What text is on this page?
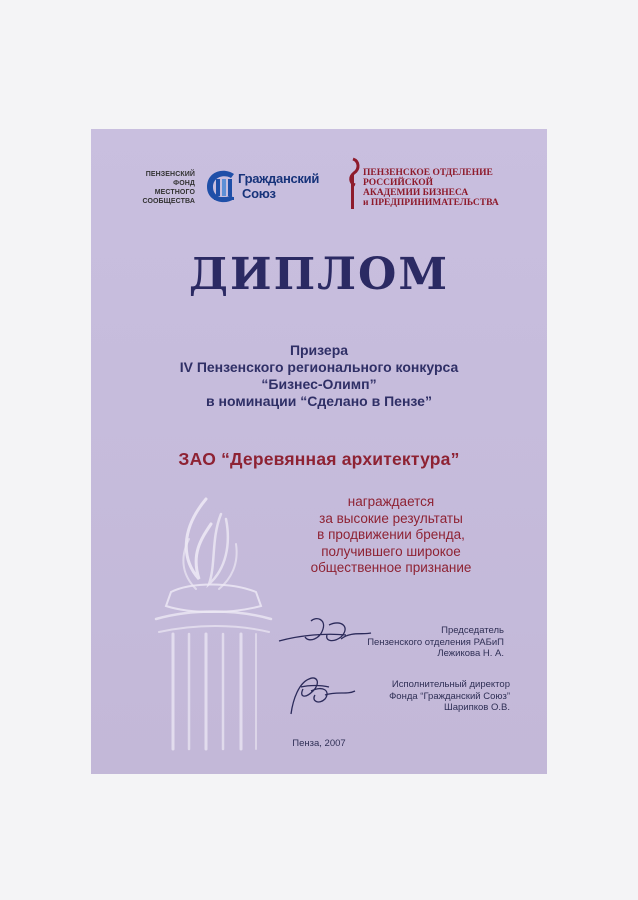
ПЕНЗЕНСКИЙ
ФОНД
МЕСТНОГО
СООБЩЕСТВА
Гражданский
Союз
ПЕНЗЕНСКОЕ ОТДЕЛЕНИЕ
РОССИЙСКОЙ
АКАДЕМИИ БИЗНЕСА
и ПРЕДПРИНИМАТЕЛЬСТВА
ДИПЛОМ
Призера
IV Пензенского регионального конкурса
“Бизнес-Олимп”
в номинации “Сделано в Пензе”
ЗАО “Деревянная архитектура”
награждается
за высокие результаты
в продвижении бренда,
получившего широкое
общественное признание
Председатель
Пензенского отделения РАБиП
Лежикова Н. А.
Исполнительный директор
Фонда “Гражданский Союз”
Шарипков О.В.
Пенза, 2007
